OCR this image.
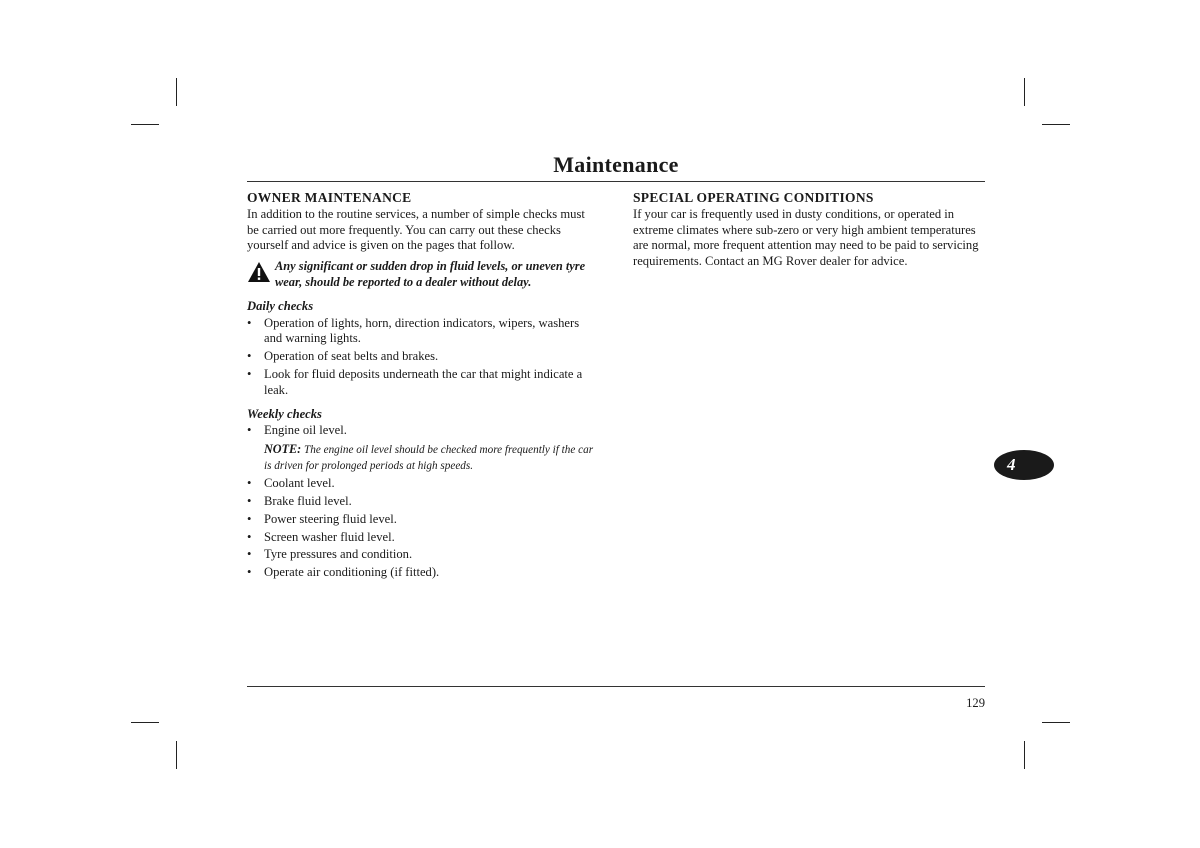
Maintenance
OWNER MAINTENANCE

In addition to the routine services, a number of simple checks must be carried out more frequently. You can carry out these checks yourself and advice is given on the pages that follow.

Any significant or sudden drop in fluid levels, or uneven tyre wear, should be reported to a dealer without delay.
Daily checks
• Operation of lights, horn, direction indicators, wipers, washers and warning lights.
• Operation of seat belts and brakes.
• Look for fluid deposits underneath the car that might indicate a leak.
Weekly checks
• Engine oil level.
NOTE: The engine oil level should be checked more frequently if the car is driven for prolonged periods at high speeds.
• Coolant level.
• Brake fluid level.
• Power steering fluid level.
• Screen washer fluid level.
• Tyre pressures and condition.
• Operate air conditioning (if fitted).
SPECIAL OPERATING CONDITIONS

If your car is frequently used in dusty conditions, or operated in extreme climates where sub-zero or very high ambient temperatures are normal, more frequent attention may need to be paid to servicing requirements. Contact an MG Rover dealer for advice.

4
129
